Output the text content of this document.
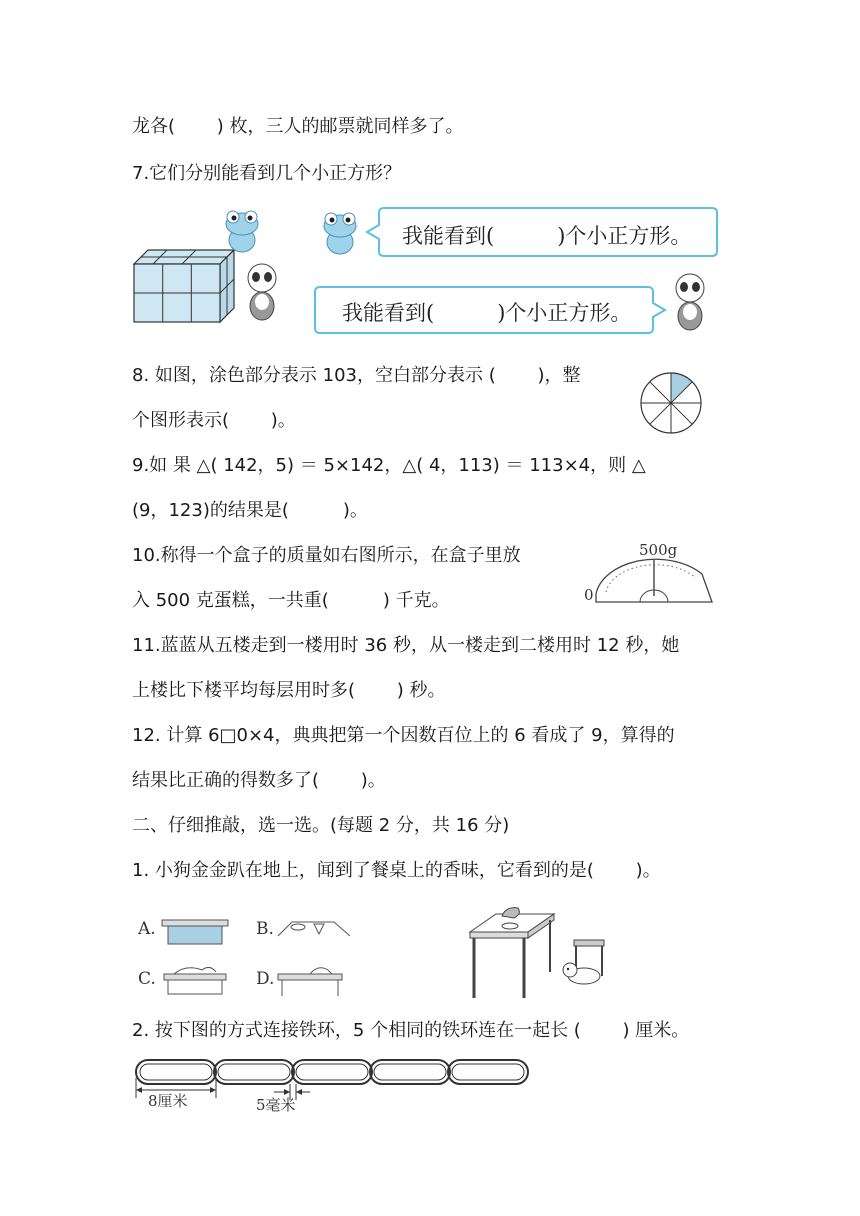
龙各(　　 ) 枚，三人的邮票就同样多了。
7.它们分别能看到几个小正方形？
我能看到(　　　)个小正方形。
我能看到(　　　)个小正方形。
8. 如图，涂色部分表示 103，空白部分表示 (　　 )，整
个图形表示(　　 )。
9.如 果 △( 142，5) ＝ 5×142，△( 4，113) ＝ 113×4，则 △
(9，123)的结果是(　　　)。
10.称得一个盒子的质量如右图所示，在盒子里放
入 500 克蛋糕，一共重(　　　) 千克。
500g
0
11.蓝蓝从五楼走到一楼用时 36 秒，从一楼走到二楼用时 12 秒，她
上楼比下楼平均每层用时多(　　 ) 秒。
12. 计算 6□0×4，典典把第一个因数百位上的 6 看成了 9，算得的
结果比正确的得数多了(　　 )。
二、仔细推敲，选一选。(每题 2 分，共 16 分)
1. 小狗金金趴在地上，闻到了餐桌上的香味，它看到的是(　　 )。
A.	B.
C.	D.
2. 按下图的方式连接铁环，5 个相同的铁环连在一起长 (　　 ) 厘米。
8厘米	5毫米
